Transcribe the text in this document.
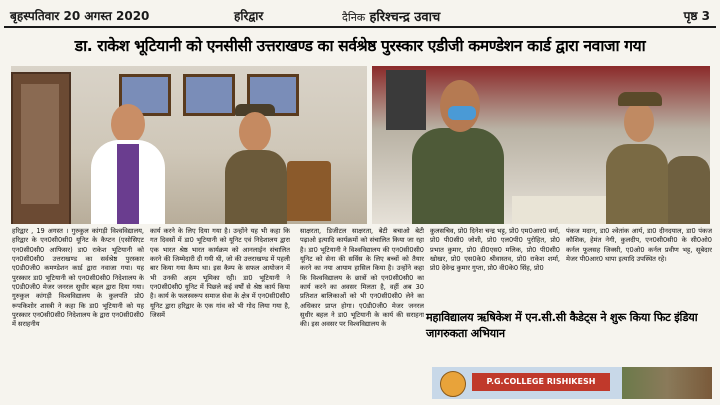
बृहस्पतिवार 20 अगस्त 2020	हरिद्वार	दैनिक हरिश्चन्द्र उवाच	पृष्ठ 3
डा. राकेश भूटियानी को एनसीसी उत्तराखण्ड का सर्वश्रेष्ठ पुरस्कार एडीजी कमण्डेशन कार्ड द्वारा नवाजा गया
हरिद्वार , 19 अगस्त । गुरुकुल कांगड़ी विश्वविद्यालय, हरिद्वार के एन0सी0सी0 यूनिट के कैप्टन (एसोसिएट एन0सी0सी0 आफिसर) डा0 राकेश भूटियानी को एन0सी0सी0 उत्तराखण्ड का सर्वश्रेष्ठ पुरस्कार ए0डी0जी0 कमण्डेशन कार्ड द्वारा नवाजा गया। यह पुरस्कार डा0 भूटियानी को एन0सी0सी0 निदेशालय के ए0डी0जी0 मेजर जनरल सुधीर बहल द्वारा दिया गया। गुरुकुल कांगड़ी विश्वविद्यालय के कुलपति प्रो0 रूपकिशोर शास्त्री ने कहा कि डा0 भूटियानी को यह पुरस्कार एन0सी0सी0 निदेशालय के द्वारा एन0सी0सी0 में सराहनीय
कार्य करने के लिए दिया गया है। उन्होंने यह भी कहा कि गत दिवसों में डा0 भूटियानी को यूनिट एवं निदेशालय द्वारा एक भारत श्रेष्ठ भारत कार्यक्रम को आनलाईन संचालित करने की जिम्मेदारी दी गयी थी, जो की उत्तराखण्ड में पहली बार किया गया कैम्प था। इस कैम्प के सफल आयोजन में भी उनकी अहम भूमिका रही। डा0 भूटियानी ने एन0सी0सी0 यूनिट में पिछले कई वर्षों से श्रेष्ठ कार्य किया है। कार्य के फलस्वरूप समाज सेवा के क्षेत्र में एन0सी0सी0 यूनिट द्वारा हरिद्वार के एक गांव को भी गोद लिया गया है, जिसमें
साक्षरता, डिजीटल साक्षरता, बेटी बचाओ बेटी पढ़ाओ इत्यादि कार्यक्रमों को संचालित किया जा रहा है। डा0 भूटियानी ने विश्वविद्यालय की एन0सी0सी0 यूनिट को सेना की सर्विस के लिए बच्चों को तैयार करने का नया आयाम हासिल किया है। उन्होंने कहा कि विश्वविद्यालय के छात्रों को एन0सी0सी0 का कार्य करने का अवसर मिलता है, वहीं अब 30 प्रतिशत बालिकाओं को भी एन0सी0सी0 लेने का अधिकार प्राप्त होगा। ए0डी0जी0 मेजर जनरल सुधीर बहल ने डा0 भूटियानी के कार्य की सराहना की। इस अवसर पर विश्वविद्यालय के
कुलसचिव, प्रो0 दिनेश चन्द्र भट्ट, प्रो0 एम0आर0 वर्मा, प्रो0 पी0सी0 जोशी, प्रो0 एल0पी0 पुरोहित, प्रो0 प्रभात कुमार, प्रो0 डी0एस0 मलिक, प्रो0 पी0सी0 खोखर, प्रो0 एस0के0 श्रीवास्तव, प्रो0 राकेश शर्मा, प्रो0 देवेन्द्र कुमार गुप्ता, प्रो0 वी0के0 सिंह, प्रो0
पंकज मदान, डा0 श्वेतांक आर्य, डा0 दीनदयाल, डा0 पंकज कौशिक, हेमंत नेगी, कुलदीप, एन0सी0सी0 के सी0ओ0 कर्नल फूलसह जिक्सी, ए0ओ0 कर्नल प्रवीण भट्ट, सूबेदार मेजर पी0आर0 थापा इत्यादि उपस्थित रहे।
महाविद्यालय ऋषिकेश में एन.सी.सी कैडेट्स ने शुरू किया फिट इंडिया जागरुकता अभियान
P.G.COLLEGE RISHIKESH
